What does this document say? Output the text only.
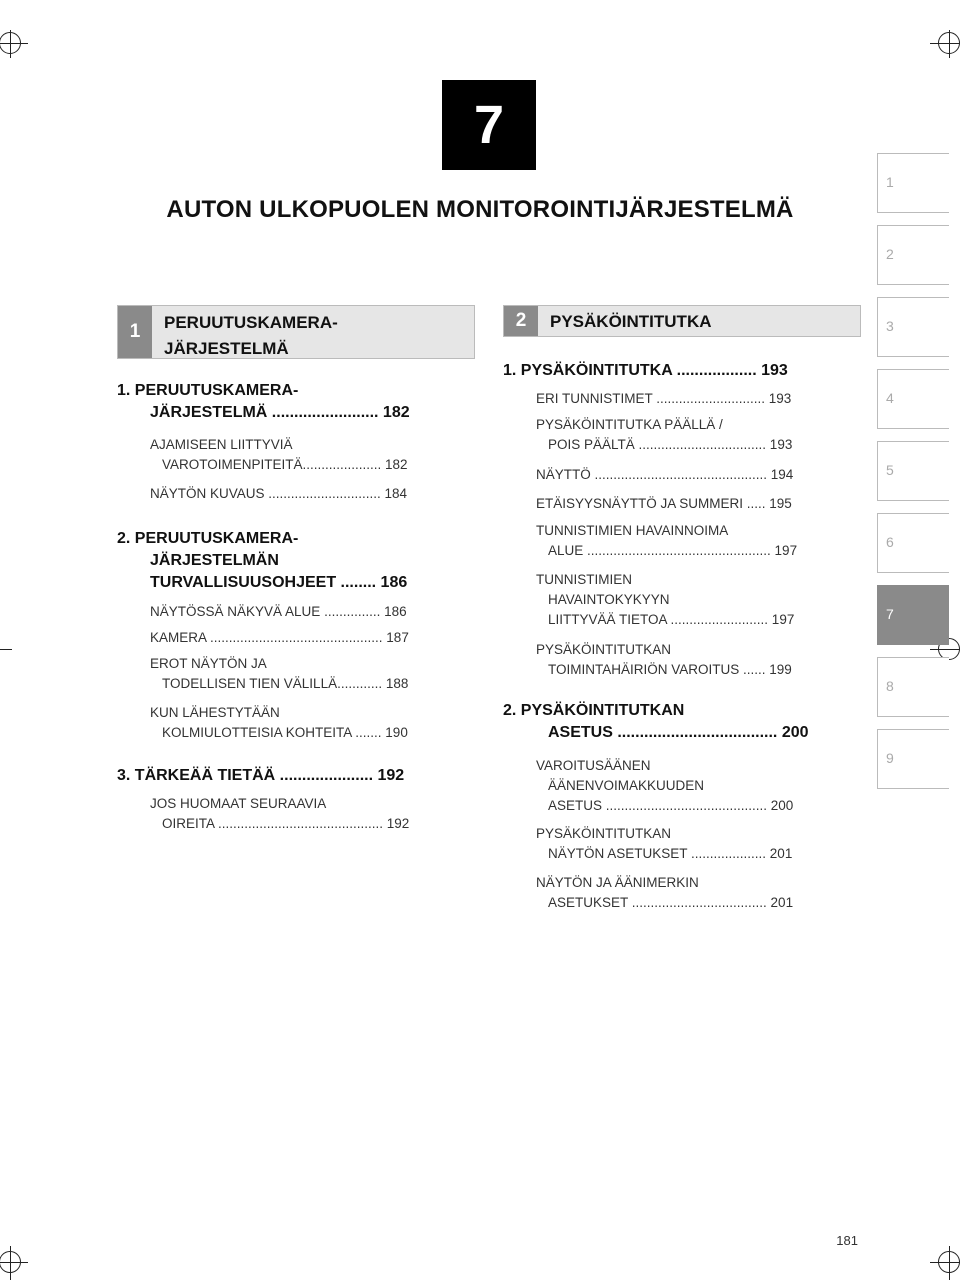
7
AUTON ULKOPUOLEN MONITOROINTIJÄRJESTELMÄ
1
2
3
4
5
6
7
8
9
1	PERUUTUSKAMERA-
JÄRJESTELMÄ
2	PYSÄKÖINTITUTKA
1. PERUUTUSKAMERA-
JÄRJESTELMÄ ........................ 182
AJAMISEEN LIITTYVIÄ
VAROTOIMENPITEITÄ..................... 182
NÄYTÖN KUVAUS .............................. 184
2. PERUUTUSKAMERA-
JÄRJESTELMÄN
TURVALLISUUSOHJEET ........ 186
NÄYTÖSSÄ NÄKYVÄ ALUE ............... 186
KAMERA .............................................. 187
EROT NÄYTÖN JA
TODELLISEN TIEN VÄLILLÄ............ 188
KUN LÄHESTYTÄÄN
KOLMIULOTTEISIA KOHTEITA ....... 190
3. TÄRKEÄÄ TIETÄÄ ..................... 192
JOS HUOMAAT SEURAAVIA
OIREITA ............................................ 192
1. PYSÄKÖINTITUTKA .................. 193
ERI TUNNISTIMET ............................. 193
PYSÄKÖINTITUTKA PÄÄLLÄ /
POIS PÄÄLTÄ .................................. 193
NÄYTTÖ .............................................. 194
ETÄISYYSNÄYTTÖ JA SUMMERI ..... 195
TUNNISTIMIEN HAVAINNOIMA
ALUE ................................................. 197
TUNNISTIMIEN
HAVAINTOKYKYYN
LIITTYVÄÄ TIETOA .......................... 197
PYSÄKÖINTITUTKAN
TOIMINTAHÄIRIÖN VAROITUS ...... 199
2. PYSÄKÖINTITUTKAN
ASETUS .................................... 200
VAROITUSÄÄNEN
ÄÄNENVOIMAKKUUDEN
ASETUS ........................................... 200
PYSÄKÖINTITUTKAN
NÄYTÖN ASETUKSET .................... 201
NÄYTÖN JA ÄÄNIMERKIN
ASETUKSET .................................... 201
181
